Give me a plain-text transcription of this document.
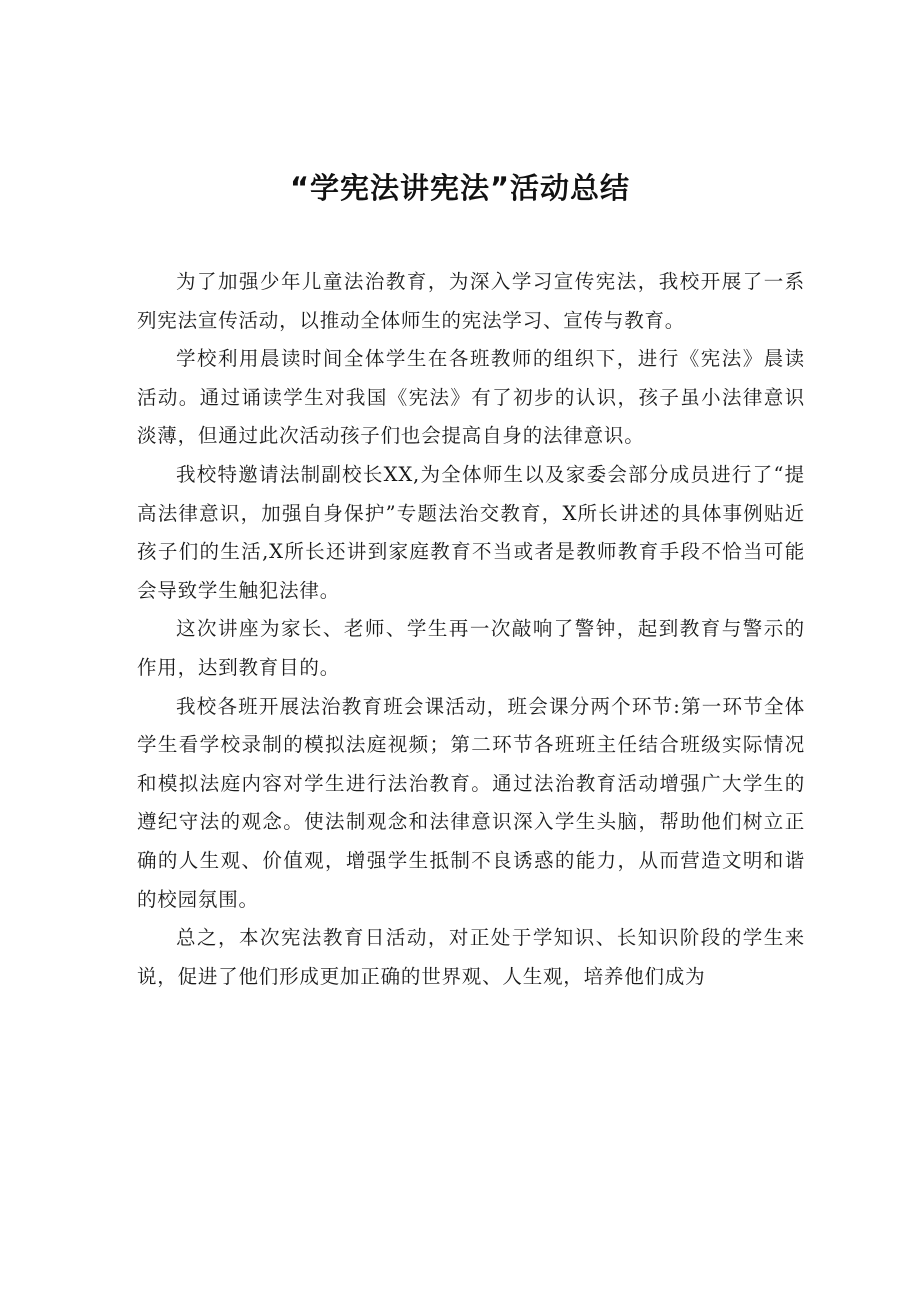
“学宪法讲宪法”活动总结

为了加强少年儿童法治教育，为深入学习宣传宪法，我校开展了一系列宪法宣传活动，以推动全体师生的宪法学习、宣传与教育。

学校利用晨读时间全体学生在各班教师的组织下，进行《宪法》晨读活动。通过诵读学生对我国《宪法》有了初步的认识，孩子虽小法律意识淡薄，但通过此次活动孩子们也会提高自身的法律意识。

我校特邀请法制副校长XX,为全体师生以及家委会部分成员进行了“提高法律意识，加强自身保护”专题法治交教育，X所长讲述的具体事例贴近孩子们的生活,X所长还讲到家庭教育不当或者是教师教育手段不恰当可能会导致学生触犯法律。

这次讲座为家长、老师、学生再一次敲响了警钟，起到教育与警示的作用，达到教育目的。

我校各班开展法治教育班会课活动，班会课分两个环节:第一环节全体学生看学校录制的模拟法庭视频；第二环节各班班主任结合班级实际情况和模拟法庭内容对学生进行法治教育。通过法治教育活动增强广大学生的遵纪守法的观念。使法制观念和法律意识深入学生头脑，帮助他们树立正确的人生观、价值观，增强学生抵制不良诱惑的能力，从而营造文明和谐的校园氛围。

总之，本次宪法教育日活动，对正处于学知识、长知识阶段的学生来说，促进了他们形成更加正确的世界观、人生观，培养他们成为
